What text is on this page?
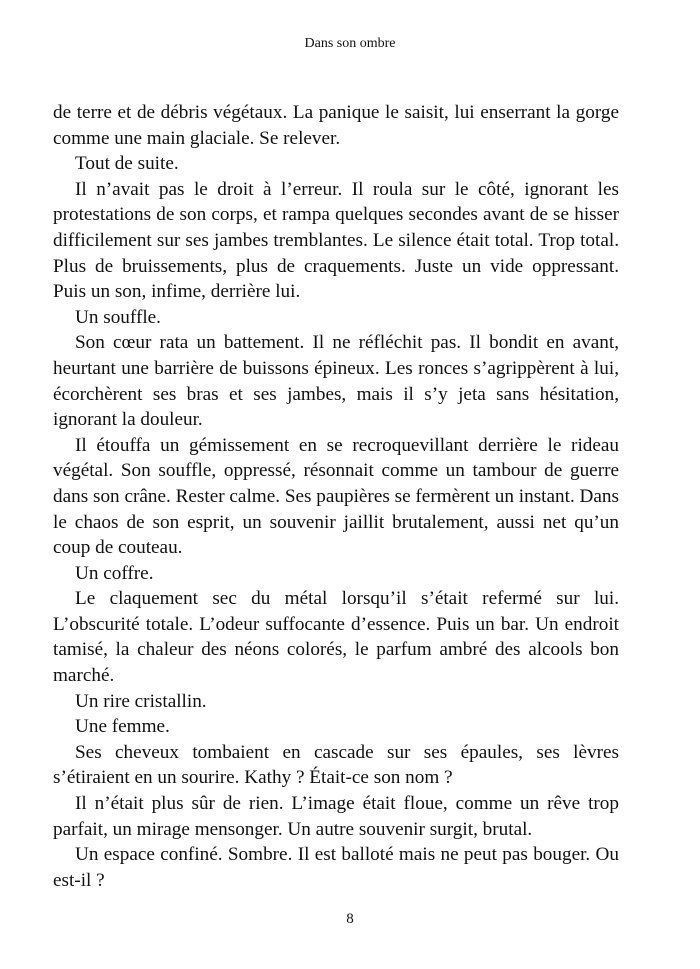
Dans son ombre

de terre et de débris végétaux. La panique le saisit, lui enserrant la gorge comme une main glaciale. Se relever.

Tout de suite.

Il n’avait pas le droit à l’erreur. Il roula sur le côté, ignorant les protestations de son corps, et rampa quelques secondes avant de se hisser difficilement sur ses jambes tremblantes. Le silence était total. Trop total. Plus de bruissements, plus de craquements. Juste un vide oppressant. Puis un son, infime, derrière lui.

Un souffle.

Son cœur rata un battement. Il ne réfléchit pas. Il bondit en avant, heurtant une barrière de buissons épineux. Les ronces s’agrippèrent à lui, écorchèrent ses bras et ses jambes, mais il s’y jeta sans hésitation, ignorant la douleur.

Il étouffa un gémissement en se recroquevillant derrière le rideau végétal. Son souffle, oppressé, résonnait comme un tambour de guerre dans son crâne. Rester calme. Ses paupières se fermèrent un instant. Dans le chaos de son esprit, un souvenir jaillit brutalement, aussi net qu’un coup de couteau.

Un coffre.

Le claquement sec du métal lorsqu’il s’était refermé sur lui. L’obscurité totale. L’odeur suffocante d’essence. Puis un bar. Un endroit tamisé, la chaleur des néons colorés, le parfum ambré des alcools bon marché.

Un rire cristallin.

Une femme.

Ses cheveux tombaient en cascade sur ses épaules, ses lèvres s’étiraient en un sourire. Kathy ? Était-ce son nom ?

Il n’était plus sûr de rien. L’image était floue, comme un rêve trop parfait, un mirage mensonger. Un autre souvenir surgit, brutal.

Un espace confiné. Sombre. Il est balloté mais ne peut pas bouger. Ou est-il ?

8
